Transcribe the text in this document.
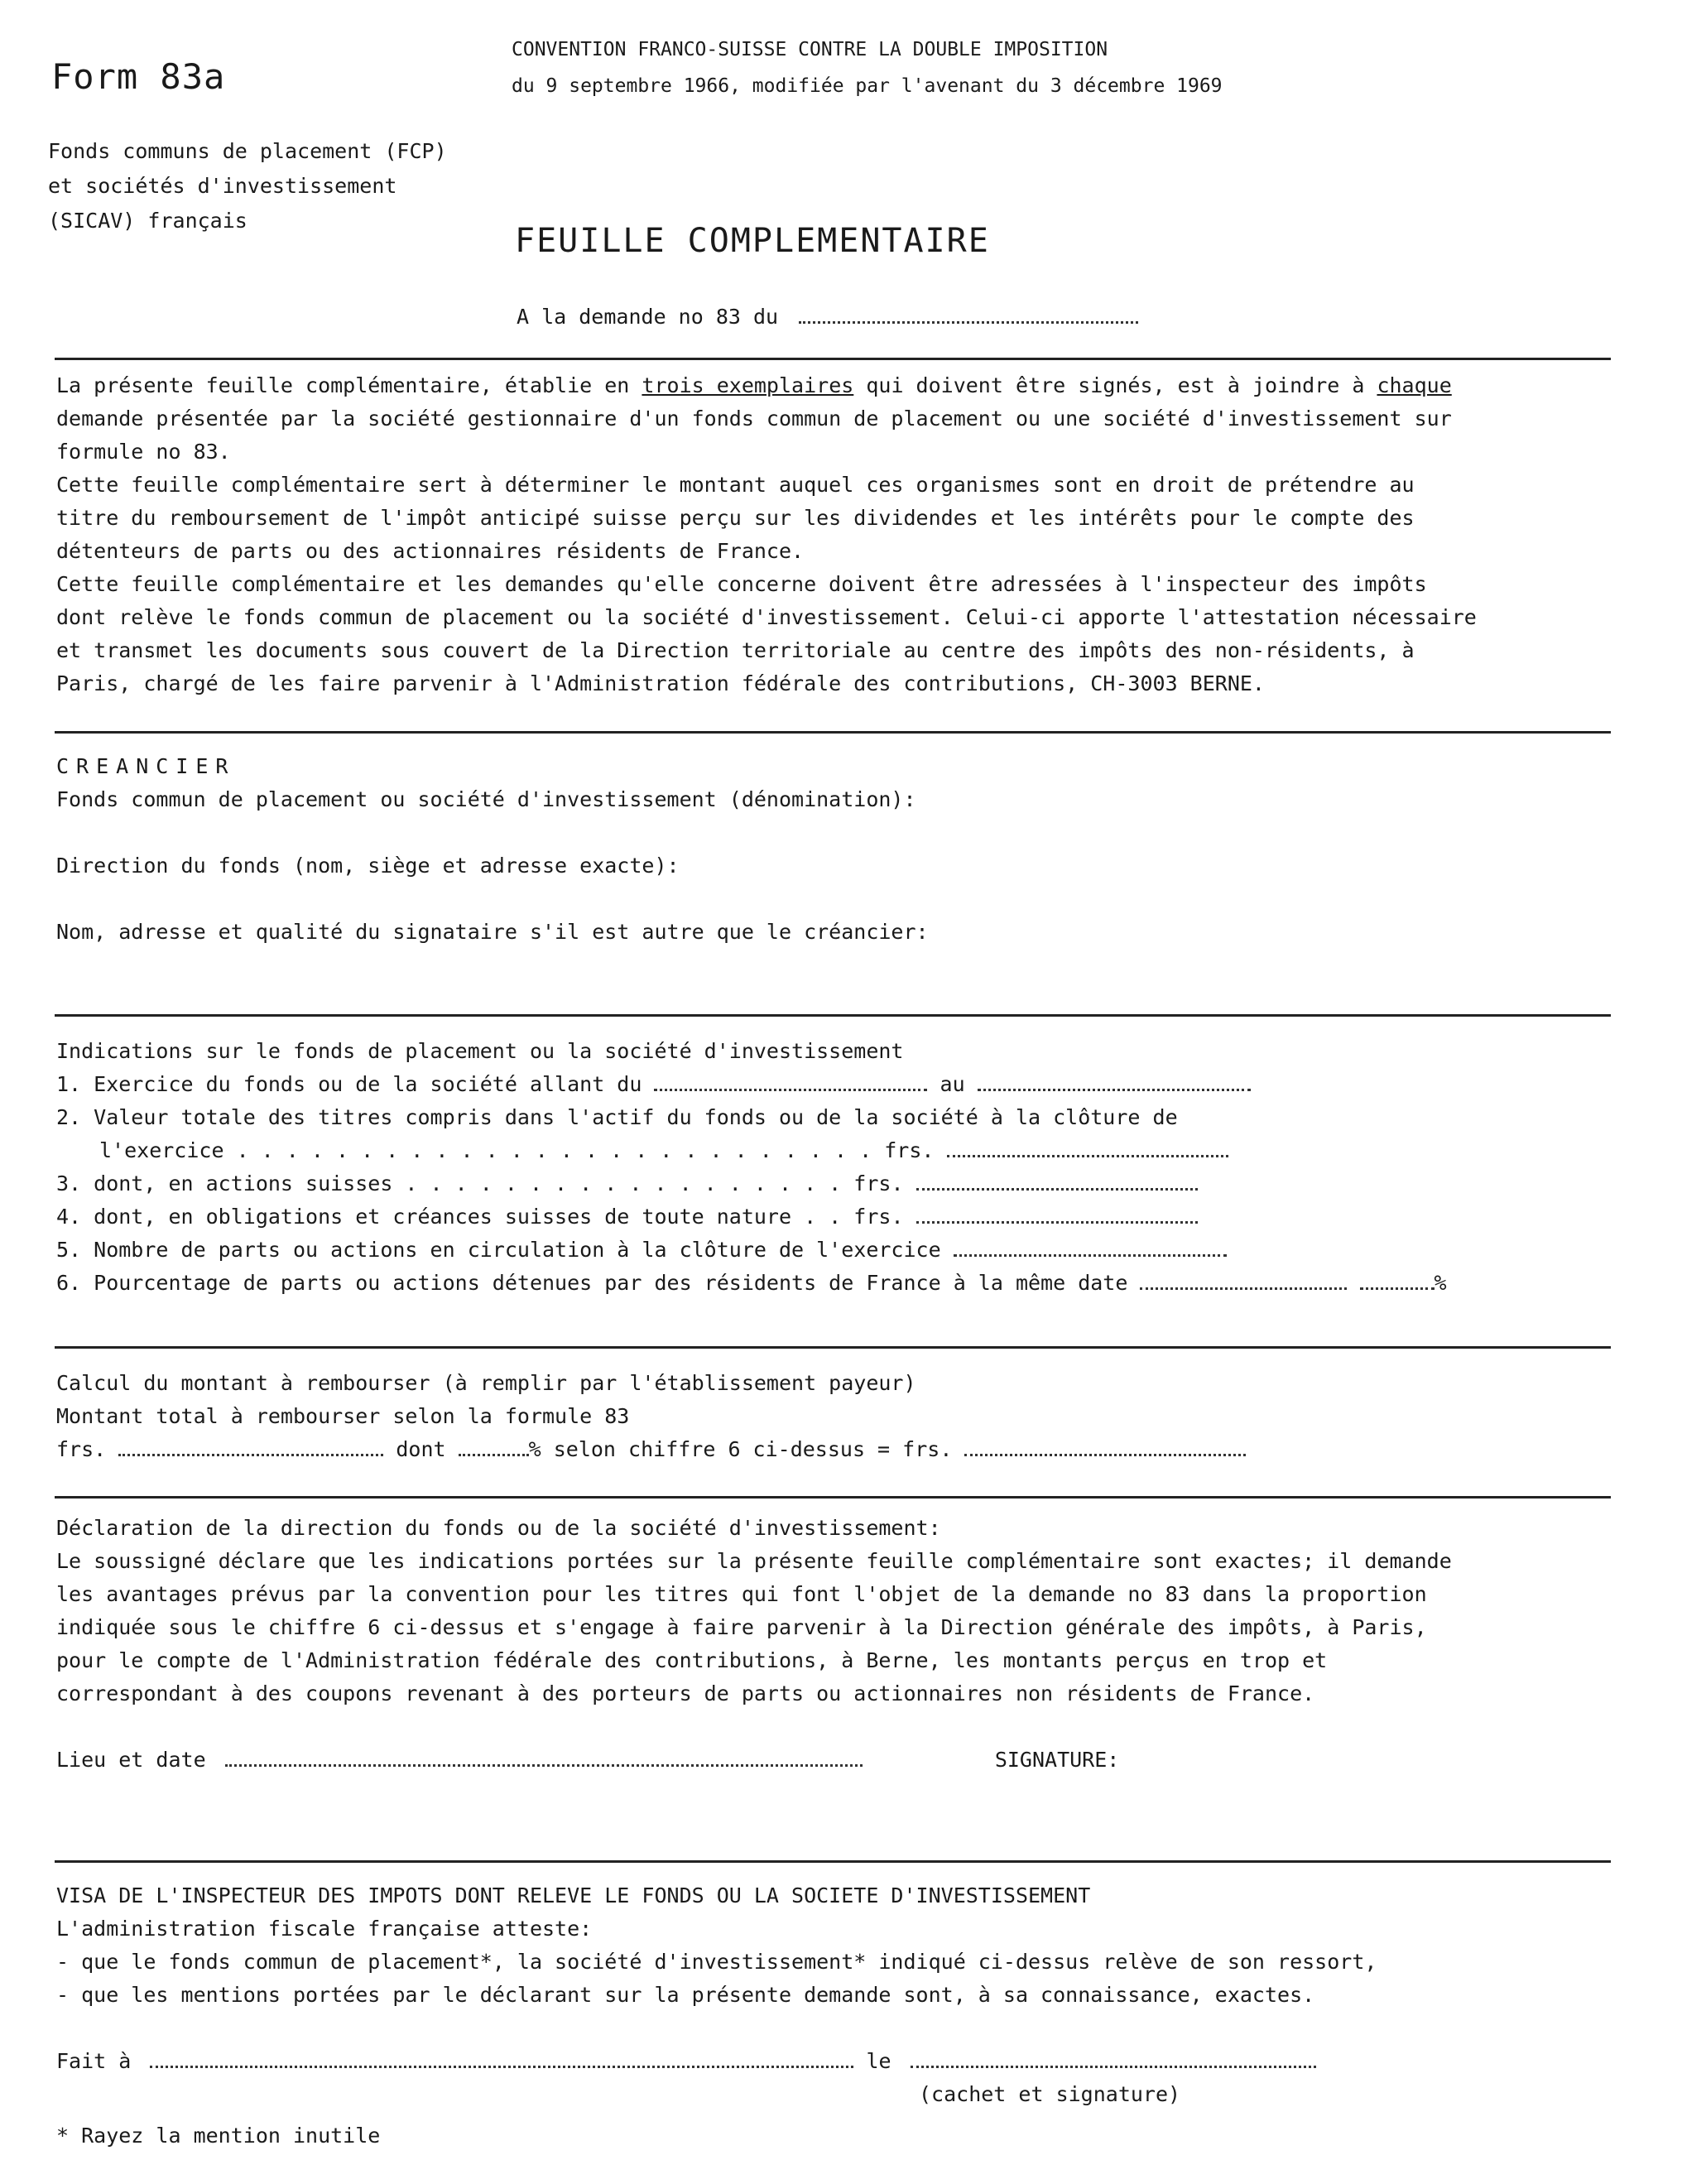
Form 83a
CONVENTION FRANCO-SUISSE CONTRE LA DOUBLE IMPOSITION
du 9 septembre 1966, modifiée par l'avenant du 3 décembre 1969
Fonds communs de placement (FCP)
et sociétés d'investissement
(SICAV) français
FEUILLE COMPLEMENTAIRE
A la demande no 83 du

La présente feuille complémentaire, établie en trois exemplaires qui doivent être signés, est à joindre à chaque

demande présentée par la société gestionnaire d'un fonds commun de placement ou une société d'investissement sur

formule no 83.

Cette feuille complémentaire sert à déterminer le montant auquel ces organismes sont en droit de prétendre au

titre du remboursement de l'impôt anticipé suisse perçu sur les dividendes et les intérêts pour le compte des

détenteurs de parts ou des actionnaires résidents de France.

Cette feuille complémentaire et les demandes qu'elle concerne doivent être adressées à l'inspecteur des impôts

dont relève le fonds commun de placement ou la société d'investissement. Celui-ci apporte l'attestation nécessaire

et transmet les documents sous couvert de la Direction territoriale au centre des impôts des non-résidents, à

Paris, chargé de les faire parvenir à l'Administration fédérale des contributions, CH-3003 BERNE.

CREANCIER

Fonds commun de placement ou société d'investissement (dénomination):

Direction du fonds (nom, siège et adresse exacte):

Nom, adresse et qualité du signataire s'il est autre que le créancier:

Indications sur le fonds de placement ou la société d'investissement

1. Exercice du fonds ou de la société allant du	au

2. Valeur totale des titres compris dans l'actif du fonds ou de la société à la clôture de

l'exercice . . . . . . . . . . . . . . . . . . . . . . . . . . frs.

3. dont, en actions suisses . . . . . . . . . . . . . . . . . . frs.

4. dont, en obligations et créances suisses de toute nature . . frs.

5. Nombre de parts ou actions en circulation à la clôture de l'exercice

6. Pourcentage de parts ou actions détenues par des résidents de France à la même date	%

Calcul du montant à rembourser (à remplir par l'établissement payeur)

Montant total à rembourser selon la formule 83

frs.	dont	% selon chiffre 6 ci-dessus = frs.

Déclaration de la direction du fonds ou de la société d'investissement:

Le soussigné déclare que les indications portées sur la présente feuille complémentaire sont exactes; il demande

les avantages prévus par la convention pour les titres qui font l'objet de la demande no 83 dans la proportion

indiquée sous le chiffre 6 ci-dessus et s'engage à faire parvenir à la Direction générale des impôts, à Paris,

pour le compte de l'Administration fédérale des contributions, à Berne, les montants perçus en trop et

correspondant à des coupons revenant à des porteurs de parts ou actionnaires non résidents de France.

Lieu et date	SIGNATURE:

VISA DE L'INSPECTEUR DES IMPOTS DONT RELEVE LE FONDS OU LA SOCIETE D'INVESTISSEMENT

L'administration fiscale française atteste:

- que le fonds commun de placement*, la société d'investissement* indiqué ci-dessus relève de son ressort,

- que les mentions portées par le déclarant sur la présente demande sont, à sa connaissance, exactes.

Fait à	le

(cachet et signature)

* Rayez la mention inutile
